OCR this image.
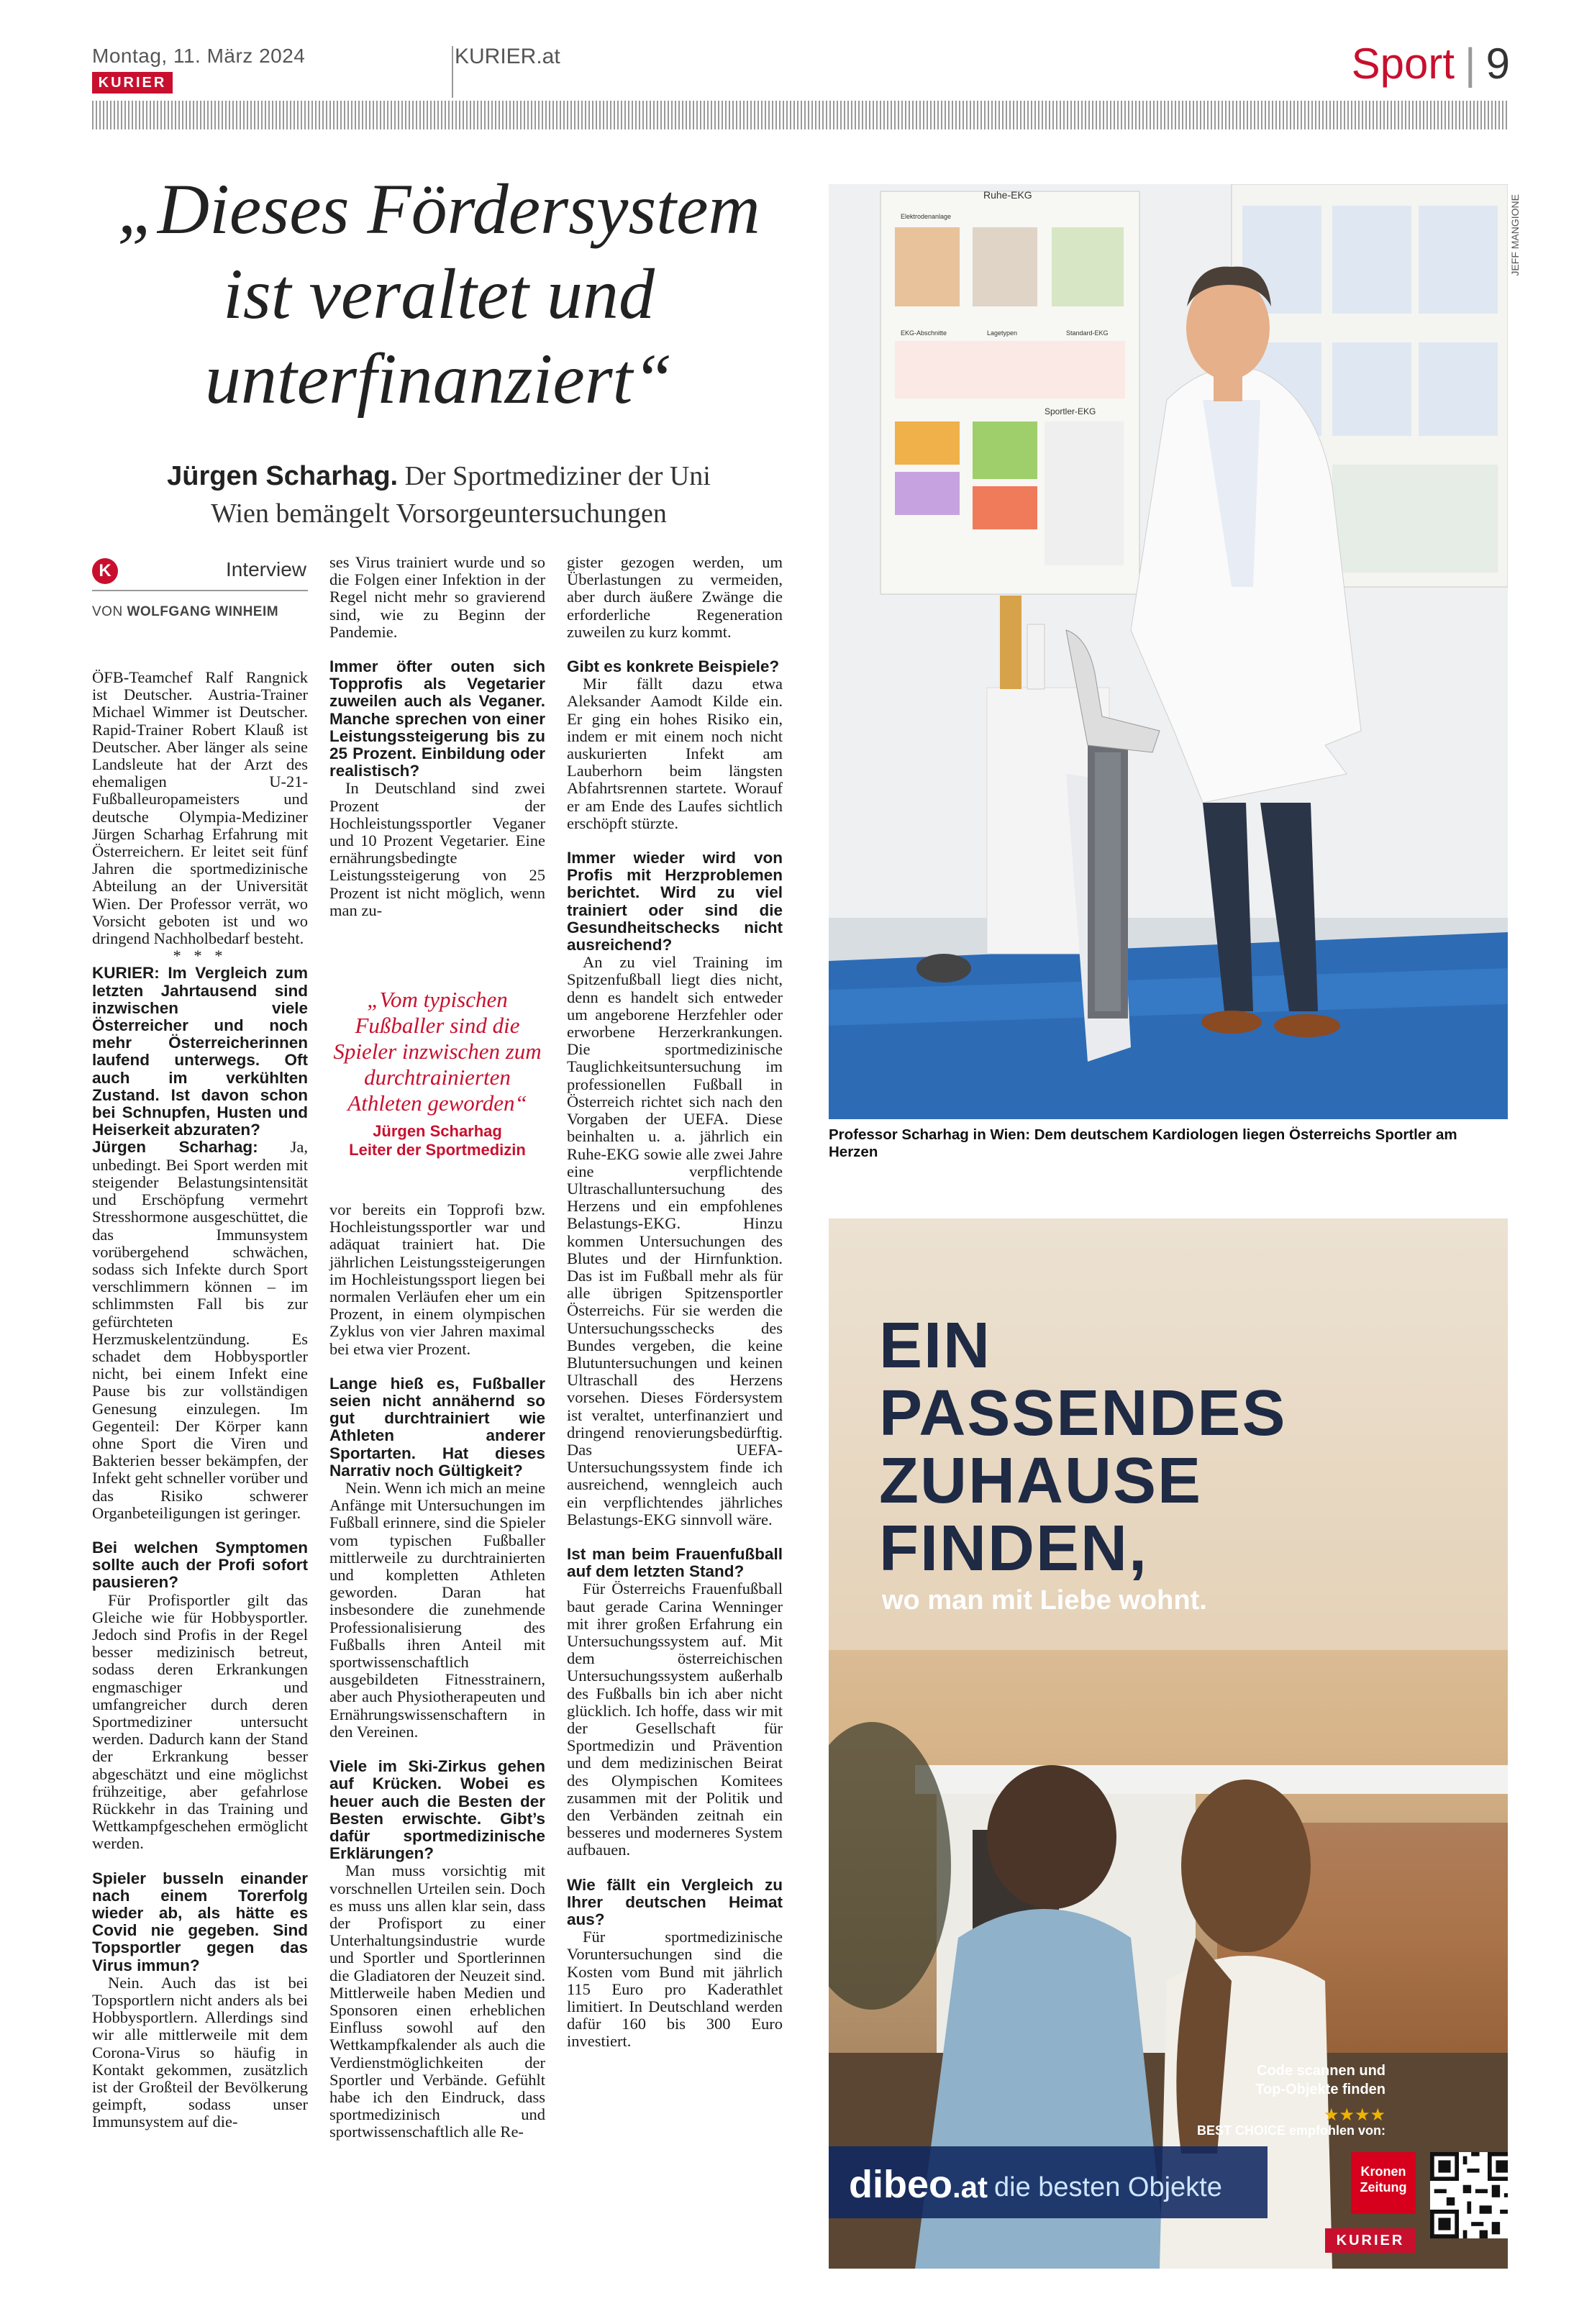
Montag, 11. März 2024
KURIER
KURIER.at	Sport | 9
„Dieses Fördersystem
ist veraltet und
unterfinanziert“
Jürgen Scharhag. Der Sportmediziner der Uni
Wien bemängelt Vorsorgeuntersuchungen
K	Interview
VON WOLFGANG WINHEIM

ÖFB-Teamchef Ralf Rangnick ist Deutscher. Austria-Trainer Michael Wimmer ist Deutscher. Rapid-Trainer Robert Klauß ist Deutscher. Aber länger als seine Landsleute hat der Arzt des ehemaligen U-21-Fußballeuropameisters und deutsche Olympia-Mediziner Jürgen Scharhag Erfahrung mit Österreichern. Er leitet seit fünf Jahren die sportmedizinische Abteilung an der Universität Wien. Der Professor verrät, wo Vorsicht geboten ist und wo dringend Nachholbedarf besteht.

* * *

KURIER: Im Vergleich zum letzten Jahrtausend sind inzwischen viele Österreicher und noch mehr Österreicherinnen laufend unterwegs. Oft auch im verkühlten Zustand. Ist davon schon bei Schnupfen, Husten und Heiserkeit abzuraten?

Jürgen Scharhag: Ja, unbedingt. Bei Sport werden mit steigender Belastungsintensität und Erschöpfung vermehrt Stresshormone ausgeschüttet, die das Immunsystem vorübergehend schwächen, sodass sich Infekte durch Sport verschlimmern können – im schlimmsten Fall bis zur gefürchteten Herzmuskelentzündung. Es schadet dem Hobbysportler nicht, bei einem Infekt eine Pause bis zur vollständigen Genesung einzulegen. Im Gegenteil: Der Körper kann ohne Sport die Viren und Bakterien besser bekämpfen, der Infekt geht schneller vorüber und das Risiko schwerer Organbeteiligungen ist geringer.

Bei welchen Symptomen sollte auch der Profi sofort pausieren?

Für Profisportler gilt das Gleiche wie für Hobbysportler. Jedoch sind Profis in der Regel besser medizinisch betreut, sodass deren Erkrankungen engmaschiger und umfangreicher durch deren Sportmediziner untersucht werden. Dadurch kann der Stand der Erkrankung besser abgeschätzt und eine möglichst frühzeitige, aber gefahrlose Rückkehr in das Training und Wettkampfgeschehen ermöglicht werden.

Spieler busseln einander nach einem Torerfolg wieder ab, als hätte es Covid nie gegeben. Sind Topsportler gegen das Virus immun?

Nein. Auch das ist bei Topsportlern nicht anders als bei Hobbysportlern. Allerdings sind wir alle mittlerweile mit dem Corona-Virus so häufig in Kontakt gekommen, zusätzlich ist der Großteil der Bevölkerung geimpft, sodass unser Immunsystem auf die-

ses Virus trainiert wurde und so die Folgen einer Infektion in der Regel nicht mehr so gravierend sind, wie zu Beginn der Pandemie.

Immer öfter outen sich Topprofis als Vegetarier zuweilen auch als Veganer. Manche sprechen von einer Leistungssteigerung bis zu 25 Prozent. Einbildung oder realistisch?

In Deutschland sind zwei Prozent der Hochleistungssportler Veganer und 10 Prozent Vegetarier. Eine ernährungsbedingte Leistungssteigerung von 25 Prozent ist nicht möglich, wenn man zu-

„Vom typischen Fußballer sind die Spieler inzwischen zum durchtrainierten Athleten geworden“
Jürgen Scharhag
Leiter der Sportmedizin

vor bereits ein Topprofi bzw. Hochleistungssportler war und adäquat trainiert hat. Die jährlichen Leistungssteigerungen im Hochleistungssport liegen bei normalen Verläufen eher um ein Prozent, in einem olympischen Zyklus von vier Jahren maximal bei etwa vier Prozent.

Lange hieß es, Fußballer seien nicht annähernd so gut durchtrainiert wie Athleten anderer Sportarten. Hat dieses Narrativ noch Gültigkeit?

Nein. Wenn ich mich an meine Anfänge mit Untersuchungen im Fußball erinnere, sind die Spieler vom typischen Fußballer mittlerweile zu durchtrainierten und kompletten Athleten geworden. Daran hat insbesondere die zunehmende Professionalisierung des Fußballs ihren Anteil mit sportwissenschaftlich ausgebildeten Fitnesstrainern, aber auch Physiotherapeuten und Ernährungswissenschaftern in den Vereinen.

Viele im Ski-Zirkus gehen auf Krücken. Wobei es heuer auch die Besten der Besten erwischte. Gibt’s dafür sportmedizinische Erklärungen?

Man muss vorsichtig mit vorschnellen Urteilen sein. Doch es muss uns allen klar sein, dass der Profisport zu einer Unterhaltungsindustrie wurde und Sportler und Sportlerinnen die Gladiatoren der Neuzeit sind. Mittlerweile haben Medien und Sponsoren einen erheblichen Einfluss sowohl auf den Wettkampfkalender als auch die Verdienstmöglichkeiten der Sportler und Verbände. Gefühlt habe ich den Eindruck, dass sportmedizinisch und sportwissenschaftlich alle Re-

gister gezogen werden, um Überlastungen zu vermeiden, aber durch äußere Zwänge die erforderliche Regeneration zuweilen zu kurz kommt.

Gibt es konkrete Beispiele?

Mir fällt dazu etwa Aleksander Aamodt Kilde ein. Er ging ein hohes Risiko ein, indem er mit einem noch nicht auskurierten Infekt am Lauberhorn beim längsten Abfahrtsrennen startete. Worauf er am Ende des Laufes sichtlich erschöpft stürzte.

Immer wieder wird von Profis mit Herzproblemen berichtet. Wird zu viel trainiert oder sind die Gesundheitschecks nicht ausreichend?

An zu viel Training im Spitzenfußball liegt dies nicht, denn es handelt sich entweder um angeborene Herzfehler oder erworbene Herzerkrankungen. Die sportmedizinische Tauglichkeitsuntersuchung im professionellen Fußball in Österreich richtet sich nach den Vorgaben der UEFA. Diese beinhalten u. a. jährlich ein Ruhe-EKG sowie alle zwei Jahre eine verpflichtende Ultraschalluntersuchung des Herzens und ein empfohlenes Belastungs-EKG. Hinzu kommen Untersuchungen des Blutes und der Hirnfunktion. Das ist im Fußball mehr als für alle übrigen Spitzensportler Österreichs. Für sie werden die Untersuchungsschecks des Bundes vergeben, die keine Blutuntersuchungen und keinen Ultraschall des Herzens vorsehen. Dieses Fördersystem ist veraltet, unterfinanziert und dringend renovierungsbedürftig. Das UEFA-Untersuchungssystem finde ich ausreichend, wenngleich auch ein verpflichtendes jährliches Belastungs-EKG sinnvoll wäre.

Ist man beim Frauenfußball auf dem letzten Stand?

Für Österreichs Frauenfußball baut gerade Carina Wenninger mit ihrer großen Erfahrung ein Untersuchungssystem auf. Mit dem österreichischen Untersuchungssystem außerhalb des Fußballs bin ich aber nicht glücklich. Ich hoffe, dass wir mit der Gesellschaft für Sportmedizin und Prävention und dem medizinischen Beirat des Olympischen Komitees zusammen mit der Politik und den Verbänden zeitnah ein besseres und moderneres System aufbauen.

Wie fällt ein Vergleich zu Ihrer deutschen Heimat aus?

Für sportmedizinische Voruntersuchungen sind die Kosten vom Bund mit jährlich 115 Euro pro Kaderathlet limitiert. In Deutschland werden dafür 160 bis 300 Euro investiert.

Ruhe-EKG
Elektrodenanlage
EKG-Abschnitte	Lagetypen	Standard-EKG
Sportler-EKG
JEFF MANGIONE
Professor Scharhag in Wien: Dem deutschem Kardiologen liegen Österreichs Sportler am Herzen
EIN
PASSENDES
ZUHAUSE
FINDEN,
wo man mit Liebe wohnt.
Code scannen und
Top-Objekte finden
★★★★
BEST CHOICE empfohlen von:
dibeo.at die besten Objekte
Kronen Zeitung
KURIER
